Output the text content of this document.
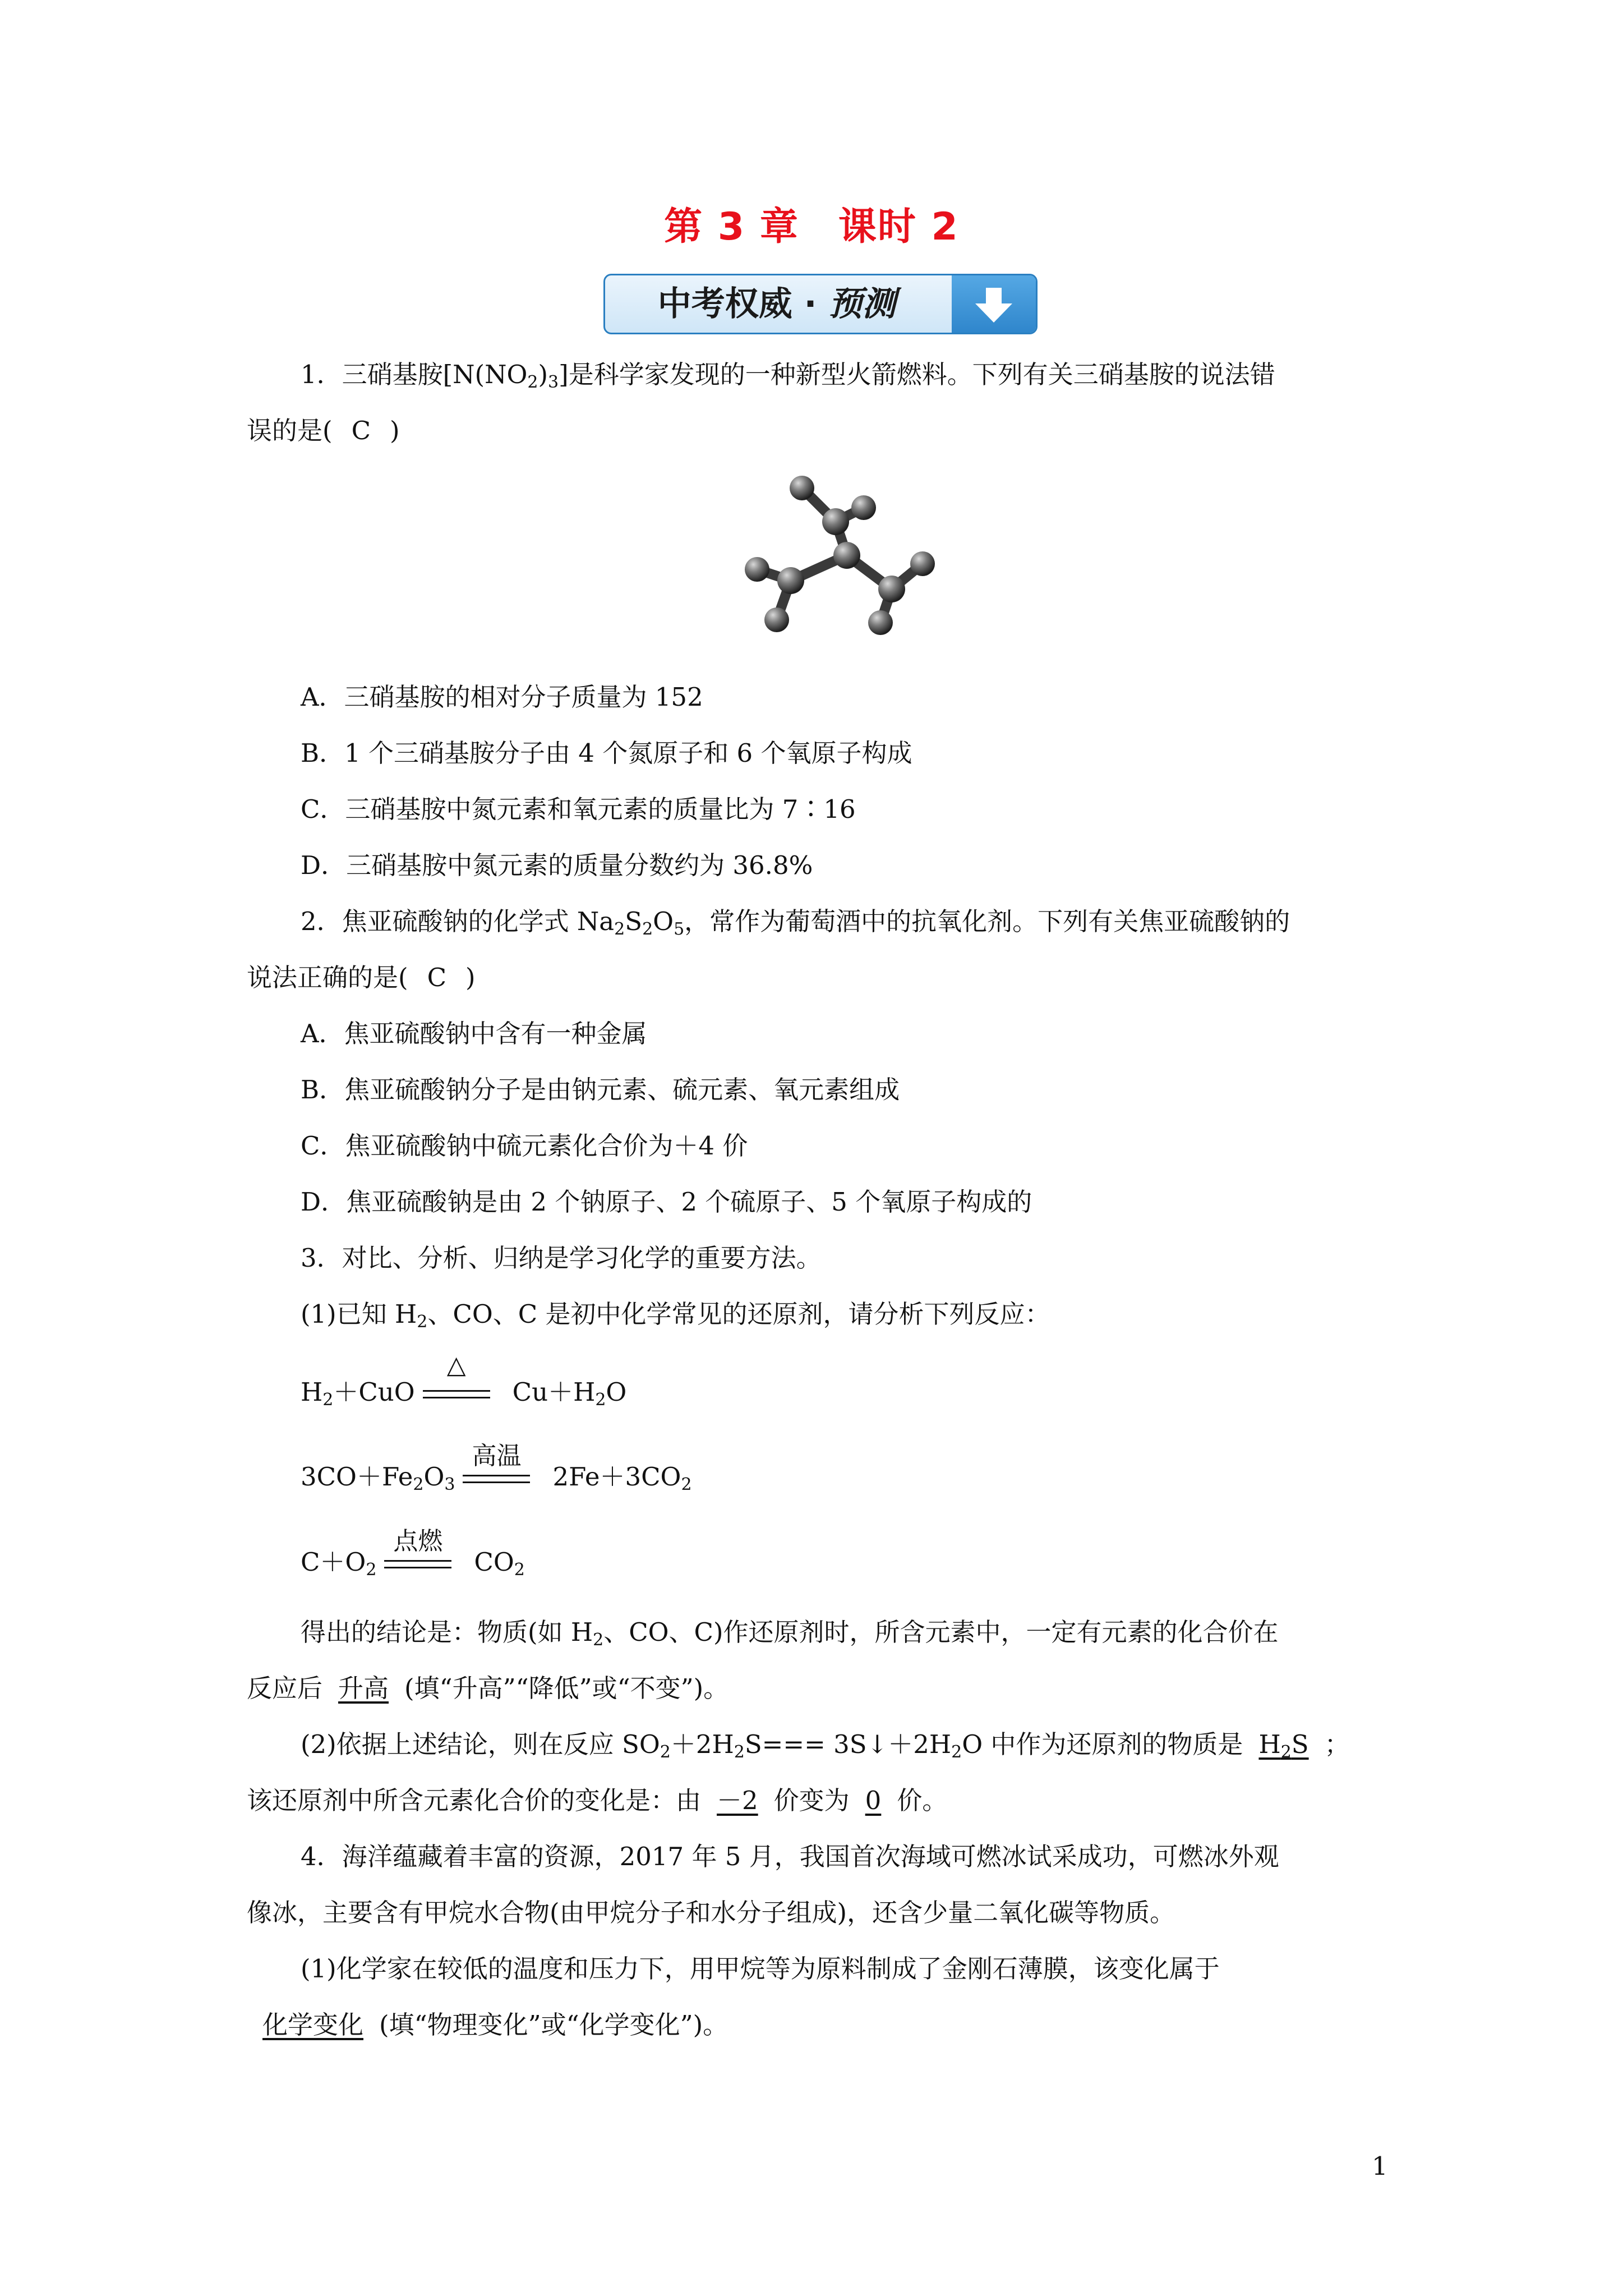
第 3 章 课时 2
中考权威 · 预测
1．三硝基胺$[N(NO_2)_3]$是科学家发现的一种新型火箭燃料。下列有关三硝基胺的说法错
误的是( C )
A．三硝基胺的相对分子质量为 152
B．1 个三硝基胺分子由 4 个氮原子和 6 个氧原子构成
C．三硝基胺中氮元素和氧元素的质量比为 7∶16
D．三硝基胺中氮元素的质量分数约为 36.8%
2．焦亚硫酸钠的化学式 $Na_2S_2O_5$，常作为葡萄酒中的抗氧化剂。下列有关焦亚硫酸钠的
说法正确的是( C )
A．焦亚硫酸钠中含有一种金属
B．焦亚硫酸钠分子是由钠元素、硫元素、氧元素组成
C．焦亚硫酸钠中硫元素化合价为＋4 价
D．焦亚硫酸钠是由 2 个钠原子、2 个硫原子、5 个氧原子构成的
3．对比、分析、归纳是学习化学的重要方法。
(1)已知 $H_2$、CO、C 是初中化学常见的还原剂，请分析下列反应：
$H_2+CuO$
△
$Cu+H_2O$
$3CO+Fe_2O_3$
高温
$2Fe+3CO_2$
$C+O_2$
点燃
$CO_2$
得出的结论是：物质(如 $H_2$、CO、C)作还原剂时，所含元素中，一定有元素的化合价在
反应后 升高 (填“升高”“降低”或“不变”)。
(2)依据上述结论，则在反应 $SO_2+2H_2S===$ $3S↓+2H_2O$ 中作为还原剂的物质是 $H_2S$ ；
该还原剂中所含元素化合价的变化是：由 －2 价变为 0 价。
4．海洋蕴藏着丰富的资源，2017 年 5 月，我国首次海域可燃冰试采成功，可燃冰外观
像冰，主要含有甲烷水合物(由甲烷分子和水分子组成)，还含少量二氧化碳等物质。
(1)化学家在较低的温度和压力下，用甲烷等为原料制成了金刚石薄膜，该变化属于
化学变化 (填“物理变化”或“化学变化”)。
1
